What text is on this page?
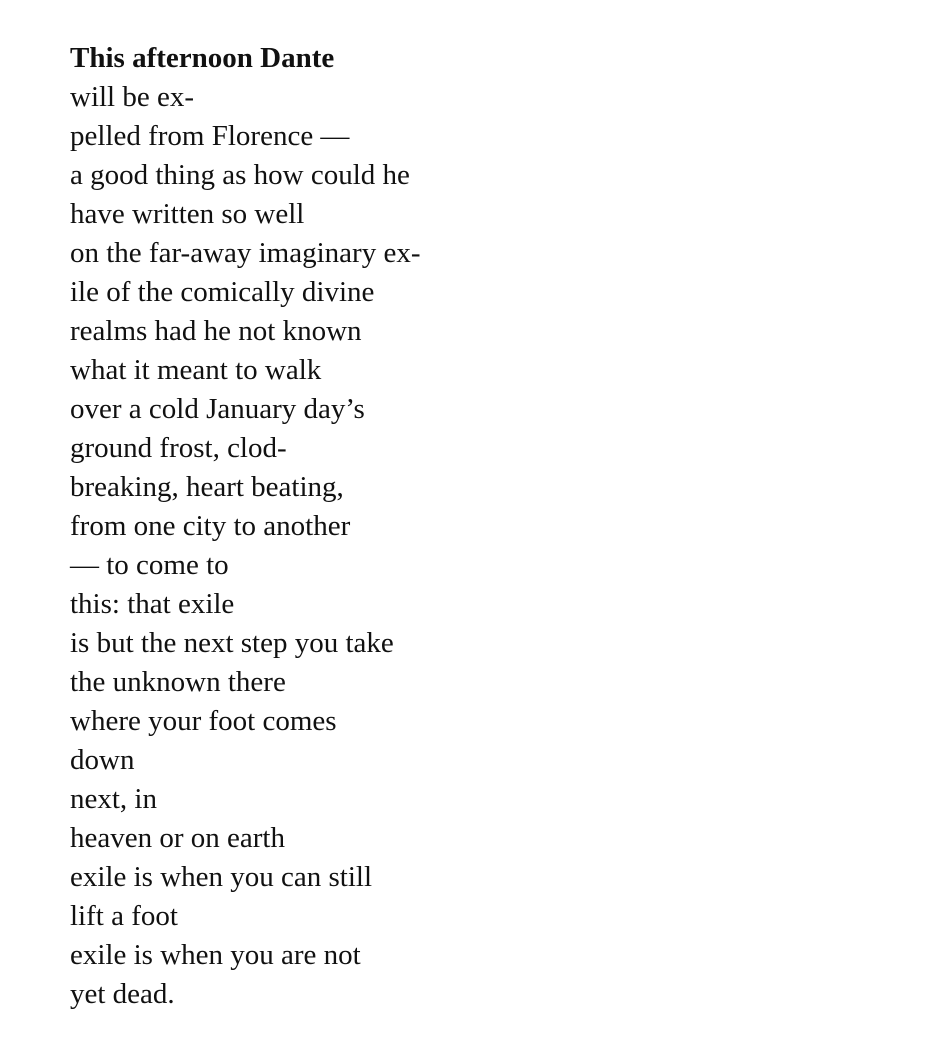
This afternoon Dante
will be ex-
pelled from Florence —
a good thing as how could he
have written so well
on the far-away imaginary ex-
ile of the comically divine
realms had he not known
what it meant to walk
over a cold January day’s
ground frost, clod-
breaking, heart beating,
from one city to another
— to come to
this: that exile
is but the next step you take
the unknown there
where your foot comes
down
next, in
heaven or on earth
exile is when you can still
lift a foot
exile is when you are not
yet dead.
